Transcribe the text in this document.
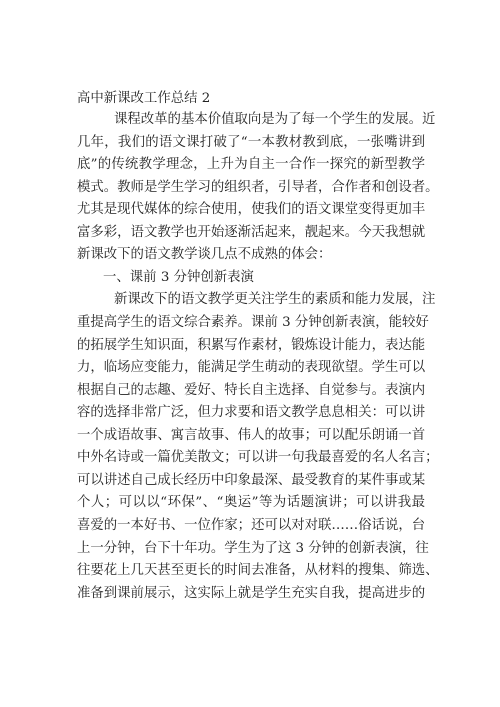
高中新课改工作总结 2
课程改革的基本价值取向是为了每一个学生的发展。近
几年，我们的语文课打破了“一本教材教到底，一张嘴讲到
底”的传统教学理念，上升为自主一合作一探究的新型教学
模式。教师是学生学习的组织者，引导者，合作者和创设者。
尤其是现代媒体的综合使用，使我们的语文课堂变得更加丰
富多彩，语文教学也开始逐渐活起来，靓起来。今天我想就
新课改下的语文教学谈几点不成熟的体会：
一、课前 3 分钟创新表演
新课改下的语文教学更关注学生的素质和能力发展，注
重提高学生的语文综合素养。课前 3 分钟创新表演，能较好
的拓展学生知识面，积累写作素材，锻炼设计能力，表达能
力，临场应变能力，能满足学生萌动的表现欲望。学生可以
根据自己的志趣、爱好、特长自主选择、自觉参与。表演内
容的选择非常广泛，但力求要和语文教学息息相关：可以讲
一个成语故事、寓言故事、伟人的故事；可以配乐朗诵一首
中外名诗或一篇优美散文；可以讲一句我最喜爱的名人名言；
可以讲述自己成长经历中印象最深、最受教育的某件事或某
个人；可以以“环保”、“奥运”等为话题演讲；可以讲我最
喜爱的一本好书、一位作家；还可以对对联……俗话说，台
上一分钟，台下十年功。学生为了这 3 分钟的创新表演，往
往要花上几天甚至更长的时间去准备，从材料的搜集、筛选、
准备到课前展示，这实际上就是学生充实自我，提高进步的
